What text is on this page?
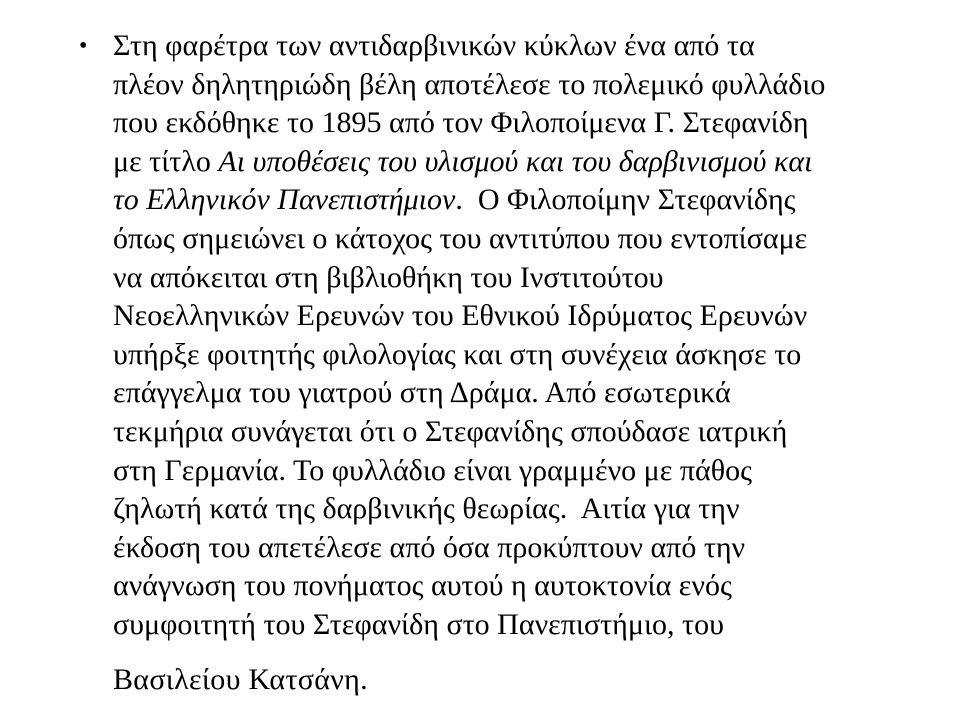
• Στη φαρέτρα των αντιδαρβινικών κύκλων ένα από τα
πλέον δηλητηριώδη βέλη αποτέλεσε το πολεμικό φυλλάδιο
που εκδόθηκε το 1895 από τον Φιλοποίμενα Γ. Στεφανίδη
με τίτλο Αι υποθέσεις του υλισμού και του δαρβινισμού και
το Ελληνικόν Πανεπιστήμιον.  Ο Φιλοποίμην Στεφανίδης
όπως σημειώνει ο κάτοχος του αντιτύπου που εντοπίσαμε
να απόκειται στη βιβλιοθήκη του Ινστιτούτου
Νεοελληνικών Ερευνών του Εθνικού Ιδρύματος Ερευνών
υπήρξε φοιτητής φιλολογίας και στη συνέχεια άσκησε το
επάγγελμα του γιατρού στη Δράμα. Από εσωτερικά
τεκμήρια συνάγεται ότι ο Στεφανίδης σπούδασε ιατρική
στη Γερμανία. Το φυλλάδιο είναι γραμμένο με πάθος
ζηλωτή κατά της δαρβινικής θεωρίας.  Αιτία για την
έκδοση του απετέλεσε από όσα προκύπτουν από την
ανάγνωση του πονήματος αυτού η αυτοκτονία ενός
συμφοιτητή του Στεφανίδη στο Πανεπιστήμιο, του
Βασιλείου Κατσάνη.
